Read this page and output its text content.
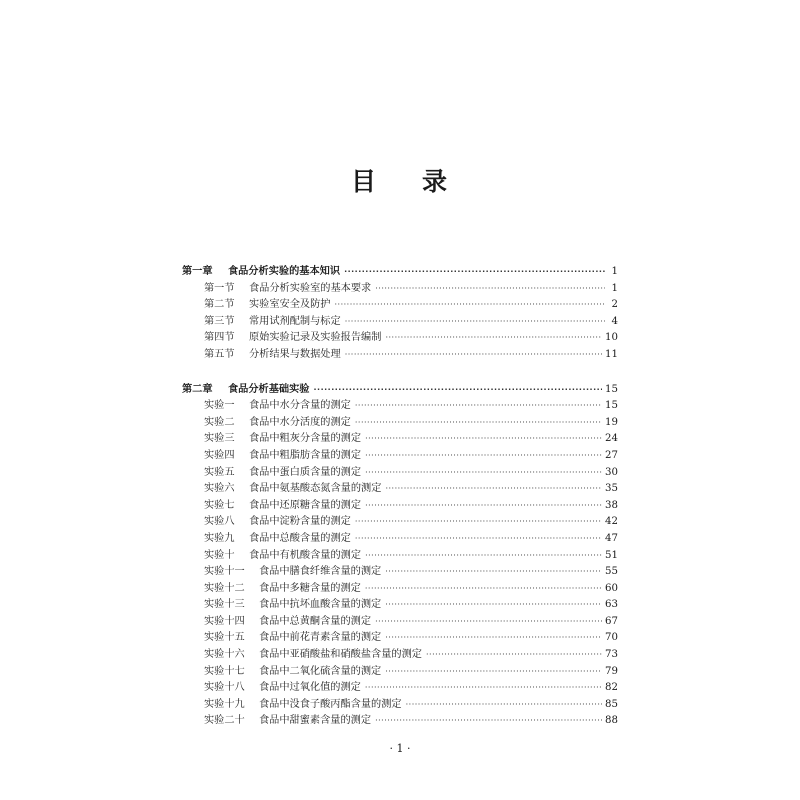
目 录
第一章	食品分析实验的基本知识 ·····	1
第一节	食品分析实验室的基本要求 ·····	1
第二节	实验室安全及防护 ·····	2
第三节	常用试剂配制与标定 ·····	4
第四节	原始实验记录及实验报告编制 ·····	10
第五节	分析结果与数据处理 ·····	11
第二章	食品分析基础实验 ·····	15
实验一	食品中水分含量的测定 ·····	15
实验二	食品中水分活度的测定 ·····	19
实验三	食品中粗灰分含量的测定 ·····	24
实验四	食品中粗脂肪含量的测定 ·····	27
实验五	食品中蛋白质含量的测定 ·····	30
实验六	食品中氨基酸态氮含量的测定 ·····	35
实验七	食品中还原糖含量的测定 ·····	38
实验八	食品中淀粉含量的测定 ·····	42
实验九	食品中总酸含量的测定 ·····	47
实验十	食品中有机酸含量的测定 ·····	51
实验十一	食品中膳食纤维含量的测定 ·····	55
实验十二	食品中多糖含量的测定 ·····	60
实验十三	食品中抗坏血酸含量的测定 ·····	63
实验十四	食品中总黄酮含量的测定 ·····	67
实验十五	食品中前花青素含量的测定 ·····	70
实验十六	食品中亚硝酸盐和硝酸盐含量的测定 ·····	73
实验十七	食品中二氧化硫含量的测定 ·····	79
实验十八	食品中过氧化值的测定 ·····	82
实验十九	食品中没食子酸丙酯含量的测定 ·····	85
实验二十	食品中甜蜜素含量的测定 ·····	88
· 1 ·
